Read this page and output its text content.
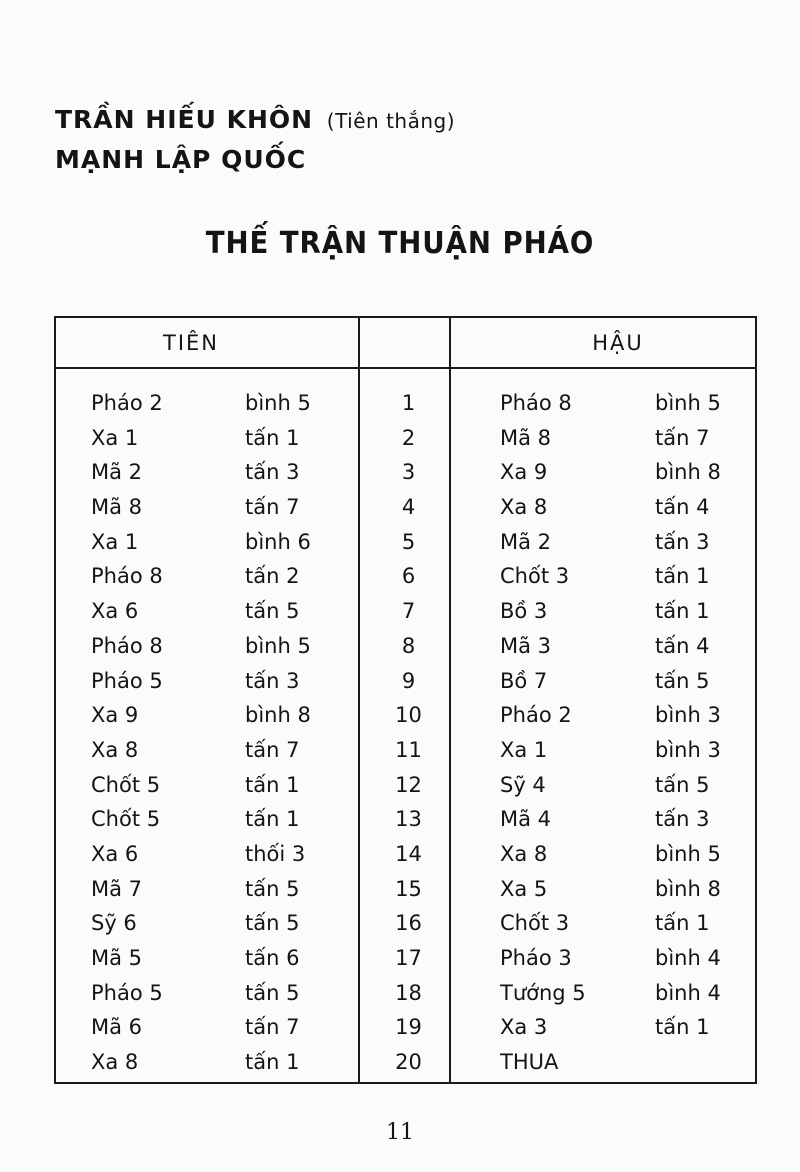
TRẦN HIẾU KHÔN (Tiên thắng)
MẠNH LẬP QUỐC
THẾ TRẬN THUẬN PHÁO
TIÊN	HẬU
Pháo 2	bình 5	1	Pháo 8	bình 5
Xa 1	tấn 1	2	Mã 8	tấn 7
Mã 2	tấn 3	3	Xa 9	bình 8
Mã 8	tấn 7	4	Xa 8	tấn 4
Xa 1	bình 6	5	Mã 2	tấn 3
Pháo 8	tấn 2	6	Chốt 3	tấn 1
Xa 6	tấn 5	7	Bồ 3	tấn 1
Pháo 8	bình 5	8	Mã 3	tấn 4
Pháo 5	tấn 3	9	Bồ 7	tấn 5
Xa 9	bình 8	10	Pháo 2	bình 3
Xa 8	tấn 7	11	Xa 1	bình 3
Chốt 5	tấn 1	12	Sỹ 4	tấn 5
Chốt 5	tấn 1	13	Mã 4	tấn 3
Xa 6	thối 3	14	Xa 8	bình 5
Mã 7	tấn 5	15	Xa 5	bình 8
Sỹ 6	tấn 5	16	Chốt 3	tấn 1
Mã 5	tấn 6	17	Pháo 3	bình 4
Pháo 5	tấn 5	18	Tướng 5	bình 4
Mã 6	tấn 7	19	Xa 3	tấn 1
Xa 8	tấn 1	20	THUA
11
